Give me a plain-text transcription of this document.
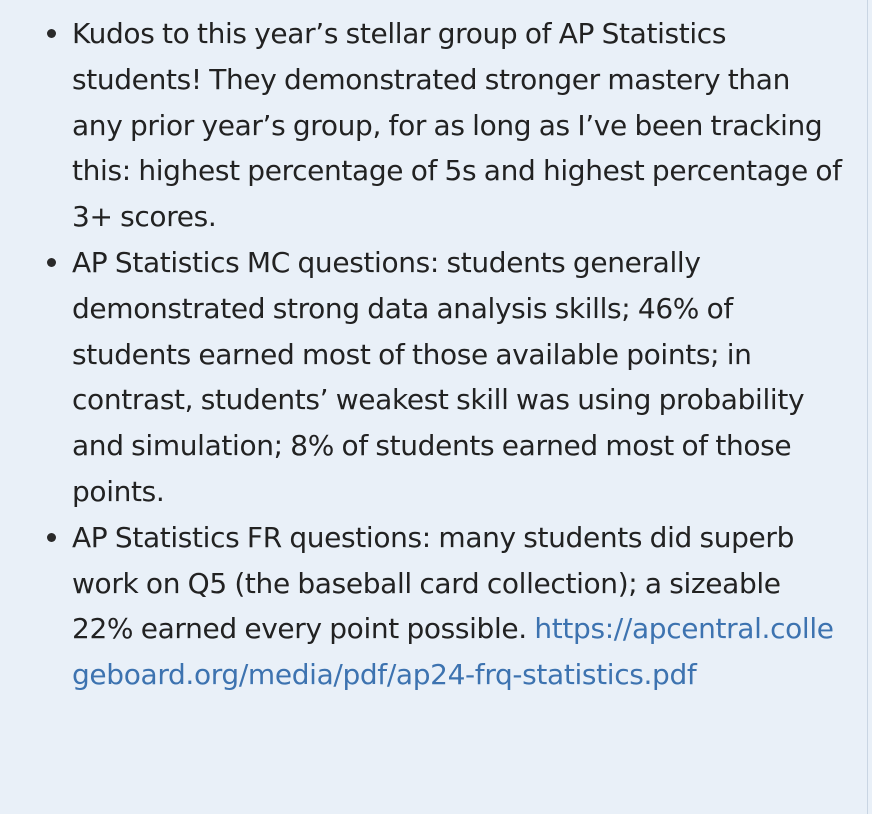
Kudos to this year’s stellar group of AP Statistics students! They demonstrated stronger mastery than any prior year’s group, for as long as I’ve been tracking this: highest percentage of 5s and highest percentage of 3+ scores.
AP Statistics MC questions: students generally demonstrated strong data analysis skills; 46% of students earned most of those available points; in contrast, students’ weakest skill was using probability and simulation; 8% of students earned most of those points.
AP Statistics FR questions: many students did superb work on Q5 (the baseball card collection); a sizeable 22% earned every point possible. https://apcentral.collegeboard.org/media/pdf/ap24-frq-statistics.pdf
